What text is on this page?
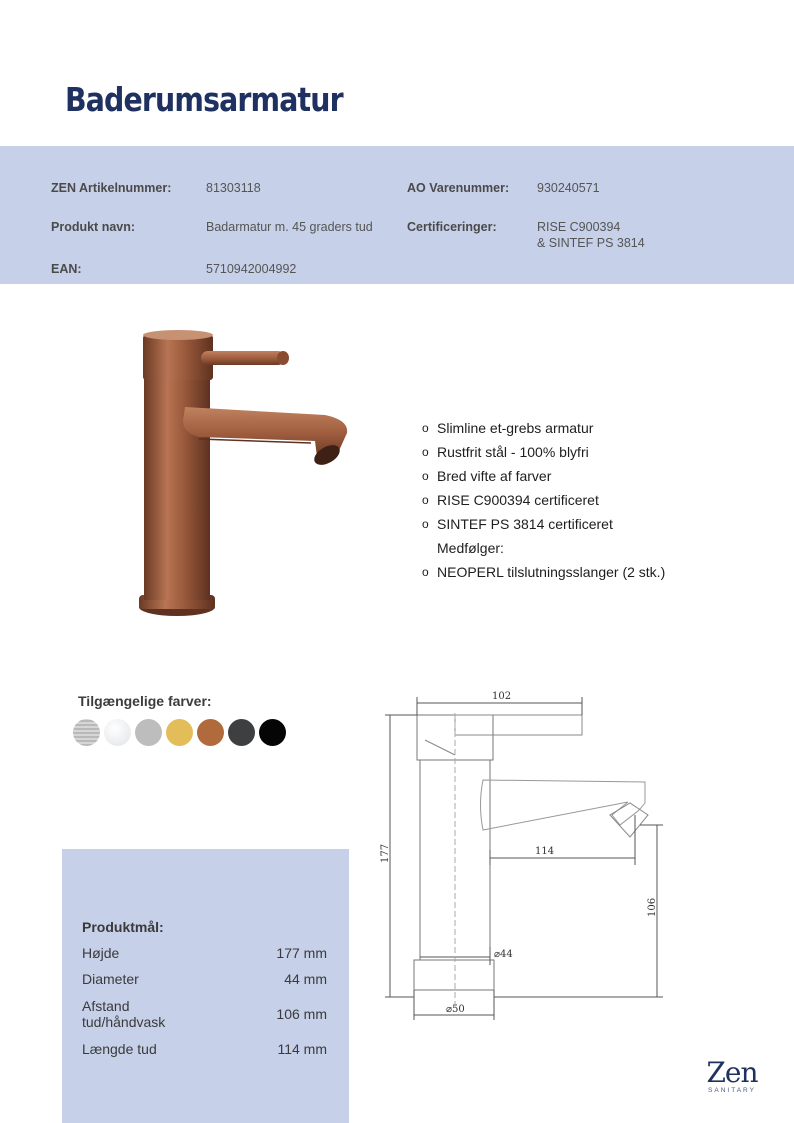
Baderumsarmatur
ZEN Artikelnummer:	81303118	AO Varenummer: 930240571
Produkt navn:	Badarmatur m. 45 graders tud	Certificeringer:	RISE C900394
& SINTEF PS 3814
EAN:	5710942004992
o Slimline et-grebs armatur
o Rustfrit stål - 100% blyfri
o Bred vifte af farver
o RISE C900394 certificeret
o SINTEF PS 3814 certificeret
Medfølger:
o NEOPERL tilslutningsslanger (2 stk.)
Tilgængelige farver:	102
177	114
106
⌀44
⌀50
Produktmål:
Højde	177 mm
Diameter	44 mm
Afstand
tud/håndvask	106 mm
Længde tud	114 mm
Zen
SANITARY
